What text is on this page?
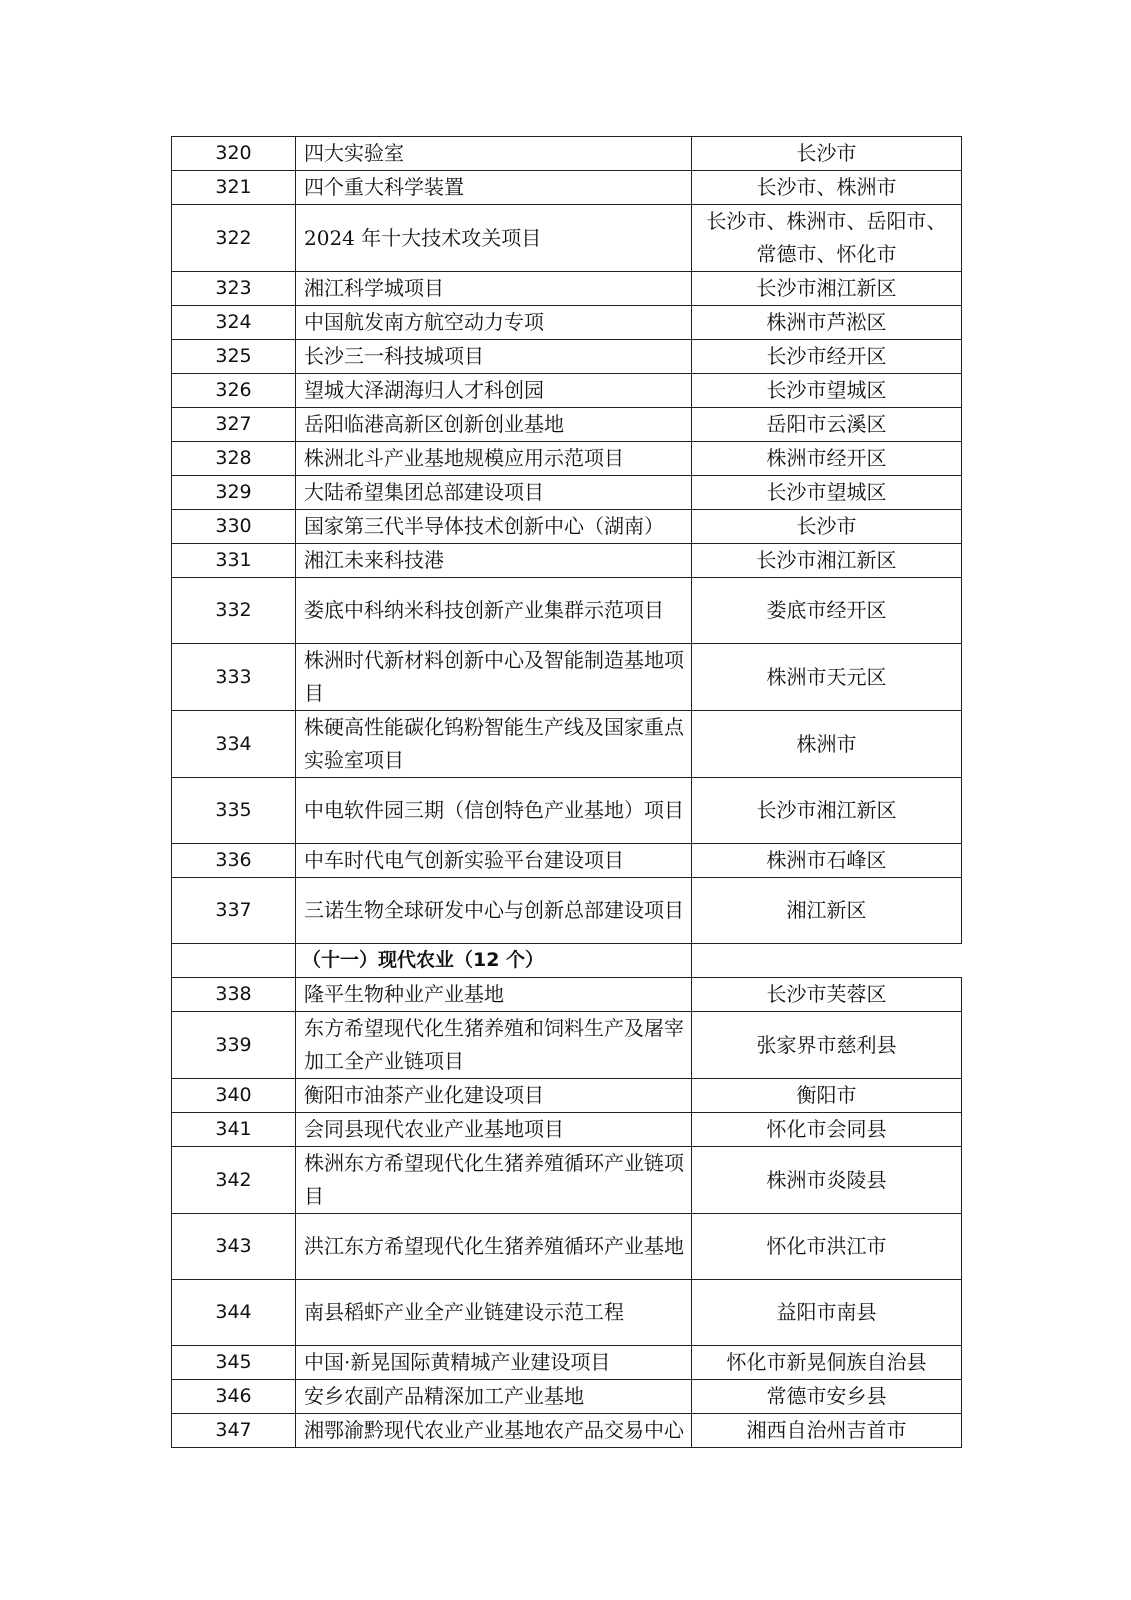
320	四大实验室	长沙市
321	四个重大科学装置	长沙市、株洲市
322	2024 年十大技术攻关项目	长沙市、株洲市、岳阳市、常德市、怀化市
323	湘江科学城项目	长沙市湘江新区
324	中国航发南方航空动力专项	株洲市芦淞区
325	长沙三一科技城项目	长沙市经开区
326	望城大泽湖海归人才科创园	长沙市望城区
327	岳阳临港高新区创新创业基地	岳阳市云溪区
328	株洲北斗产业基地规模应用示范项目	株洲市经开区
329	大陆希望集团总部建设项目	长沙市望城区
330	国家第三代半导体技术创新中心（湖南）	长沙市
331	湘江未来科技港	长沙市湘江新区
332	娄底中科纳米科技创新产业集群示范项目	娄底市经开区
333	株洲时代新材料创新中心及智能制造基地项目	株洲市天元区
334	株硬高性能碳化钨粉智能生产线及国家重点实验室项目	株洲市
335	中电软件园三期（信创特色产业基地）项目	长沙市湘江新区
336	中车时代电气创新实验平台建设项目	株洲市石峰区
337	三诺生物全球研发中心与创新总部建设项目	湘江新区
	（十一）现代农业（12 个）	
338	隆平生物种业产业基地	长沙市芙蓉区
339	东方希望现代化生猪养殖和饲料生产及屠宰加工全产业链项目	张家界市慈利县
340	衡阳市油茶产业化建设项目	衡阳市
341	会同县现代农业产业基地项目	怀化市会同县
342	株洲东方希望现代化生猪养殖循环产业链项目	株洲市炎陵县
343	洪江东方希望现代化生猪养殖循环产业基地	怀化市洪江市
344	南县稻虾产业全产业链建设示范工程	益阳市南县
345	中国·新晃国际黄精城产业建设项目	怀化市新晃侗族自治县
346	安乡农副产品精深加工产业基地	常德市安乡县
347	湘鄂渝黔现代农业产业基地农产品交易中心	湘西自治州吉首市
